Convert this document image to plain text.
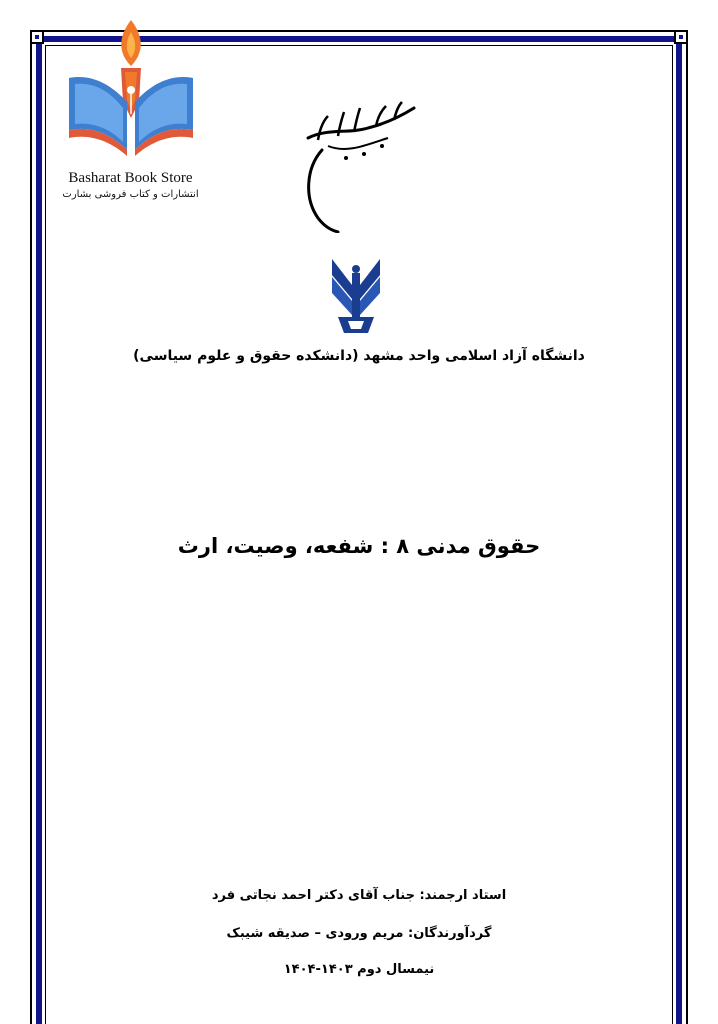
Basharat Book Store
انتشارات و کتاب فروشی بشارت
دانشگاه آزاد اسلامی واحد مشهد (دانشکده حقوق و علوم سیاسی)
حقوق مدنی ۸ : شفعه، وصیت، ارث
استاد ارجمند: جناب آقای دکتر احمد نجاتی فرد
گردآورندگان: مریم ورودی – صدیقه شیبک
نیمسال دوم ۱۴۰۳-۱۴۰۴
